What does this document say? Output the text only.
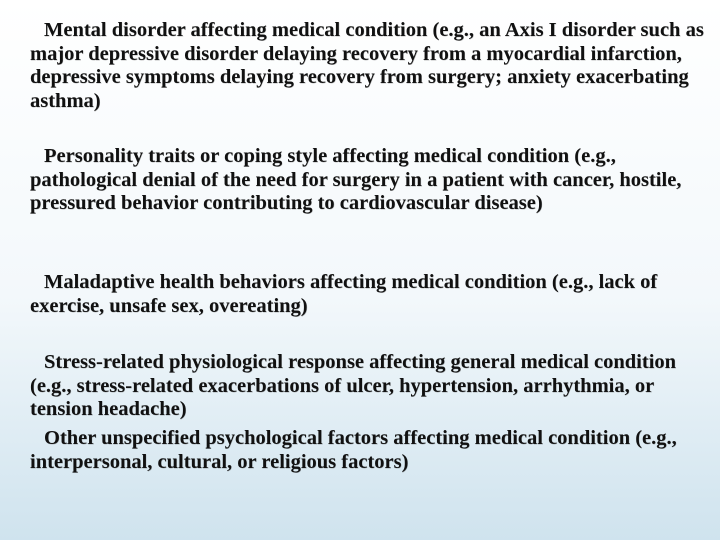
Mental disorder affecting medical condition (e.g., an Axis I disorder such as major depressive disorder delaying recovery from a myocardial infarction, depressive symptoms delaying recovery from surgery; anxiety exacerbating asthma)

Personality traits or coping style affecting medical condition (e.g., pathological denial of the need for surgery in a patient with cancer, hostile, pressured behavior contributing to cardiovascular disease)

Maladaptive health behaviors affecting medical condition (e.g., lack of exercise, unsafe sex, overeating)

Stress-related physiological response affecting general medical condition (e.g., stress-related exacerbations of ulcer, hypertension, arrhythmia, or tension headache)

Other unspecified psychological factors affecting medical condition (e.g., interpersonal, cultural, or religious factors)
